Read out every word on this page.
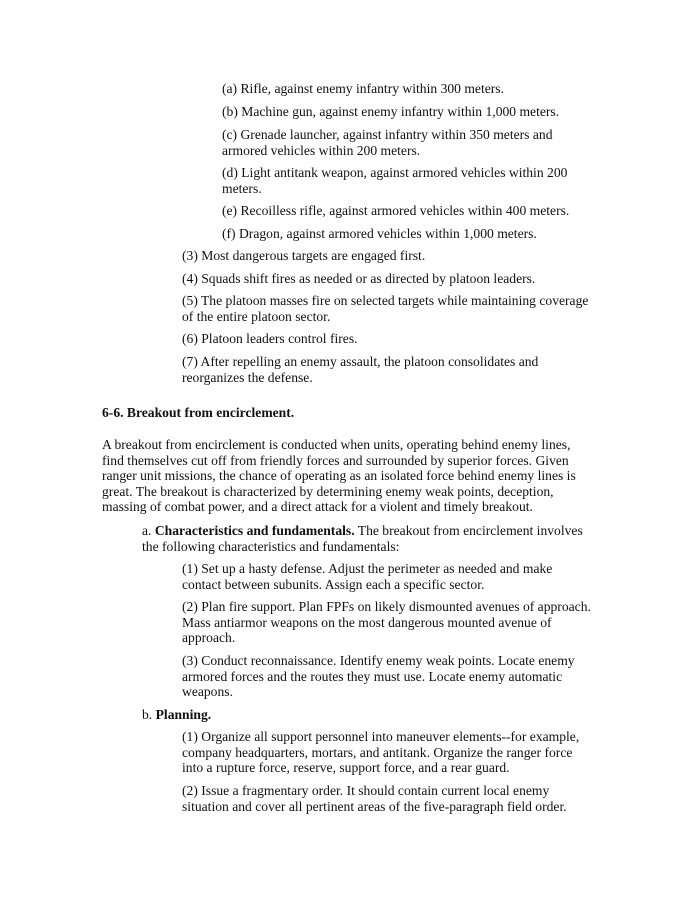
(a) Rifle, against enemy infantry within 300 meters.

(b) Machine gun, against enemy infantry within 1,000 meters.

(c) Grenade launcher, against infantry within 350 meters and armored vehicles within 200 meters.

(d) Light antitank weapon, against armored vehicles within 200 meters.

(e) Recoilless rifle, against armored vehicles within 400 meters.

(f) Dragon, against armored vehicles within 1,000 meters.

(3) Most dangerous targets are engaged first.

(4) Squads shift fires as needed or as directed by platoon leaders.

(5) The platoon masses fire on selected targets while maintaining coverage of the entire platoon sector.

(6) Platoon leaders control fires.

(7) After repelling an enemy assault, the platoon consolidates and reorganizes the defense.

6-6. Breakout from encirclement.

A breakout from encirclement is conducted when units, operating behind enemy lines, find themselves cut off from friendly forces and surrounded by superior forces. Given ranger unit missions, the chance of operating as an isolated force behind enemy lines is great. The breakout is characterized by determining enemy weak points, deception, massing of combat power, and a direct attack for a violent and timely breakout.

a. Characteristics and fundamentals. The breakout from encirclement involves the following characteristics and fundamentals:

(1) Set up a hasty defense. Adjust the perimeter as needed and make contact between subunits. Assign each a specific sector.

(2) Plan fire support. Plan FPFs on likely dismounted avenues of approach. Mass antiarmor weapons on the most dangerous mounted avenue of approach.

(3) Conduct reconnaissance. Identify enemy weak points. Locate enemy armored forces and the routes they must use. Locate enemy automatic weapons.

b. Planning.

(1) Organize all support personnel into maneuver elements--for example, company headquarters, mortars, and antitank. Organize the ranger force into a rupture force, reserve, support force, and a rear guard.

(2) Issue a fragmentary order. It should contain current local enemy situation and cover all pertinent areas of the five-paragraph field order.
